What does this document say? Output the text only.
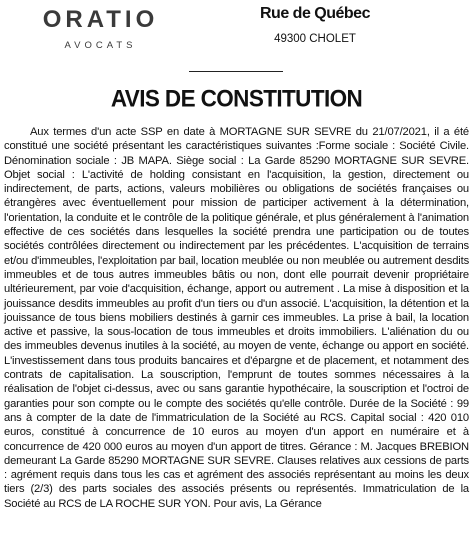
ORATIO
AVOCATS
Rue de Québec
49300 CHOLET
AVIS DE CONSTITUTION

Aux termes d'un acte SSP en date à MORTAGNE SUR SEVRE du 21/07/2021, il a été constitué une société présentant les caractéristiques suivantes :Forme sociale : Société Civile. Dénomination sociale : JB MAPA. Siège social : La Garde 85290 MORTAGNE SUR SEVRE. Objet social : L'activité de holding consistant en l'acquisition, la gestion, directement ou indirectement, de parts, actions, valeurs mobilières ou obligations de sociétés françaises ou étrangères avec éventuellement pour mission de participer activement à la détermination, l'orientation, la conduite et le contrôle de la politique générale, et plus généralement à l'animation effective de ces sociétés dans lesquelles la société prendra une participation ou de toutes sociétés contrôlées directement ou indirectement par les précédentes. L'acquisition de terrains et/ou d'immeubles, l'exploitation par bail, location meublée ou non meublée ou autrement desdits immeubles et de tous autres immeubles bâtis ou non, dont elle pourrait devenir propriétaire ultérieurement, par voie d'acquisition, échange, apport ou autrement . La mise à disposition et la jouissance desdits immeubles au profit d'un tiers ou d'un associé. L'acquisition, la détention et la jouissance de tous biens mobiliers destinés à garnir ces immeubles. La prise à bail, la location active et passive, la sous-location de tous immeubles et droits immobiliers. L'aliénation du ou des immeubles devenus inutiles à la société, au moyen de vente, échange ou apport en société. L'investissement dans tous produits bancaires et d'épargne et de placement, et notamment des contrats de capitalisation. La souscription, l'emprunt de toutes sommes nécessaires à la réalisation de l'objet ci-dessus, avec ou sans garantie hypothécaire, la souscription et l'octroi de garanties pour son compte ou le compte des sociétés qu'elle contrôle. Durée de la Société : 99 ans à compter de la date de l'immatriculation de la Société au RCS. Capital social : 420 010 euros, constitué à concurrence de 10 euros au moyen d'un apport en numéraire et à concurrence de 420 000 euros au moyen d'un apport de titres. Gérance : M. Jacques BREBION demeurant La Garde 85290 MORTAGNE SUR SEVRE. Clauses relatives aux cessions de parts : agrément requis dans tous les cas et agrément des associés représentant au moins les deux tiers (2/3) des parts sociales des associés présents ou représentés. Immatriculation de la Société au RCS de LA ROCHE SUR YON. Pour avis, La Gérance
